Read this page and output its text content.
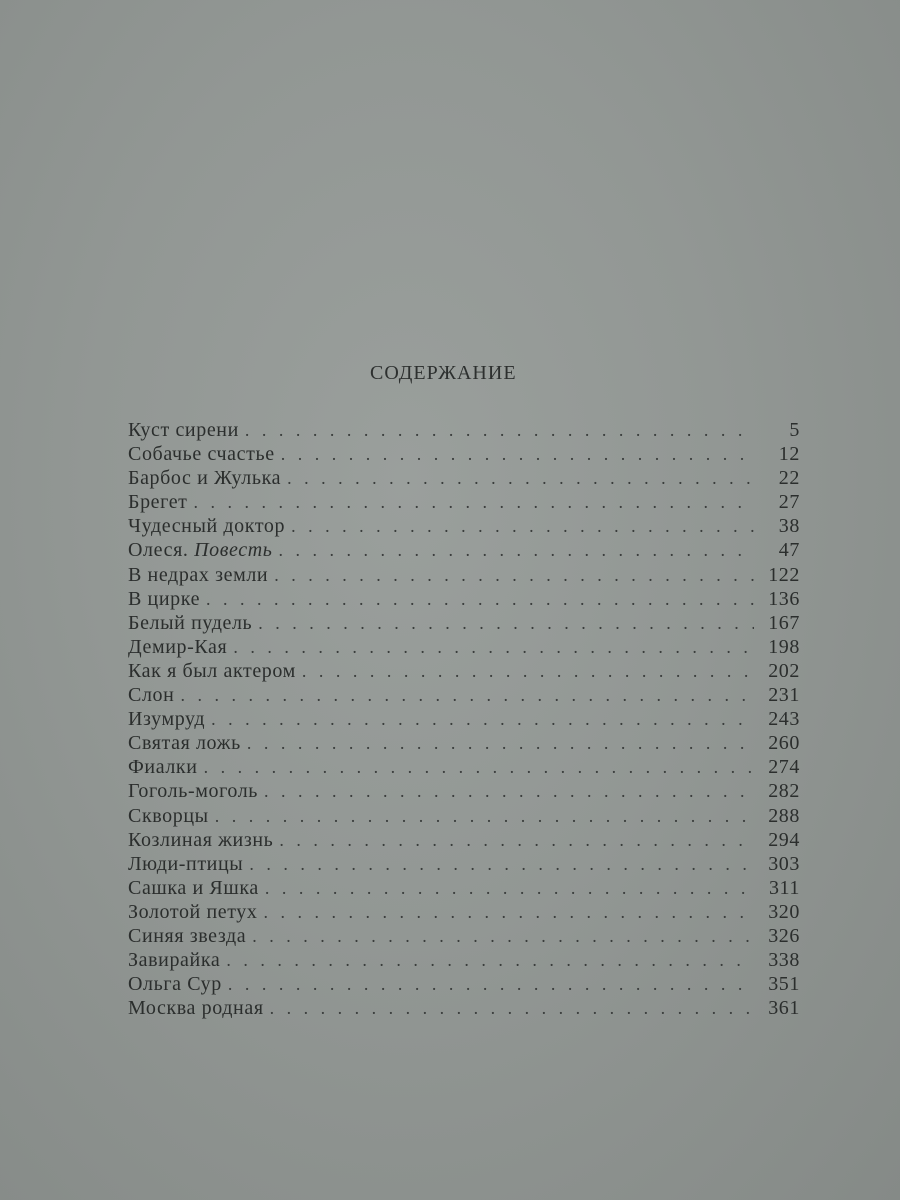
СОДЕРЖАНИЕ
Куст сирени . . .	5
Собачье счастье . . .	12
Барбос и Жулька . . .	22
Брегет . . .	27
Чудесный доктор . . .	38
Олеся. Повесть . . .	47
В недрах земли . . .	122
В цирке . . .	136
Белый пудель . . .	167
Демир-Кая . . .	198
Как я был актером . . .	202
Слон . . .	231
Изумруд . . .	243
Святая ложь . . .	260
Фиалки . . .	274
Гоголь-моголь . . .	282
Скворцы . . .	288
Козлиная жизнь . . .	294
Люди-птицы . . .	303
Сашка и Яшка . . .	311
Золотой петух . . .	320
Синяя звезда . . .	326
Завирайка . . .	338
Ольга Сур . . .	351
Москва родная . . .	361
